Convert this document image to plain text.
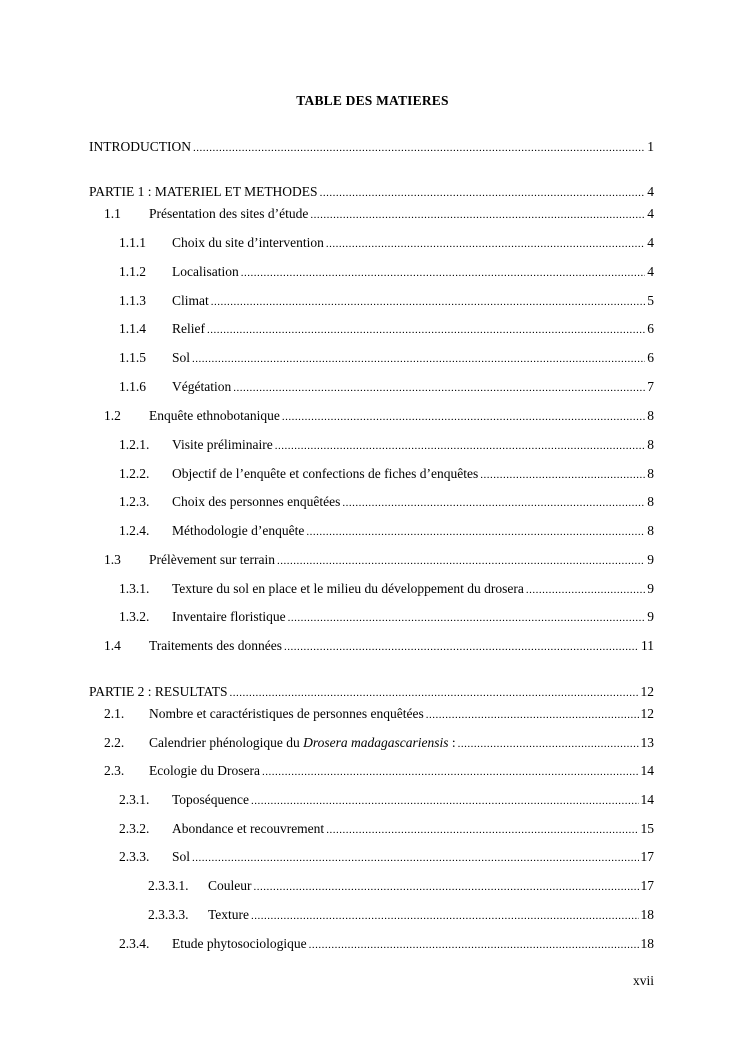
TABLE DES MATIERES
INTRODUCTION .....	1
PARTIE 1 : MATERIEL ET METHODES .....	4
1.1	Présentation des sites d’étude .....	4
1.1.1	Choix du site d’intervention .....	4
1.1.2	Localisation .....	4
1.1.3	Climat .....	5
1.1.4	Relief .....	6
1.1.5	Sol .....	6
1.1.6	Végétation .....	7
1.2	Enquête ethnobotanique .....	8
1.2.1.	Visite préliminaire .....	8
1.2.2.	Objectif de l’enquête et confections de fiches d’enquêtes .....	8
1.2.3.	Choix des personnes enquêtées .....	8
1.2.4.	Méthodologie d’enquête .....	8
1.3	Prélèvement sur terrain .....	9
1.3.1.	Texture du sol en place et le milieu du développement du drosera .....	9
1.3.2.	Inventaire floristique .....	9
1.4	Traitements des données .....	11
PARTIE 2 : RESULTATS .....	12
2.1.	Nombre et caractéristiques de personnes enquêtées .....	12
2.2.	Calendrier phénologique du Drosera madagascariensis : .....	13
2.3.	Ecologie du Drosera .....	14
2.3.1.	Toposéquence .....	14
2.3.2.	Abondance et recouvrement .....	15
2.3.3.	Sol .....	17
2.3.3.1.	Couleur .....	17
2.3.3.3.	Texture .....	18
2.3.4.	Etude phytosociologique .....	18
xvii
